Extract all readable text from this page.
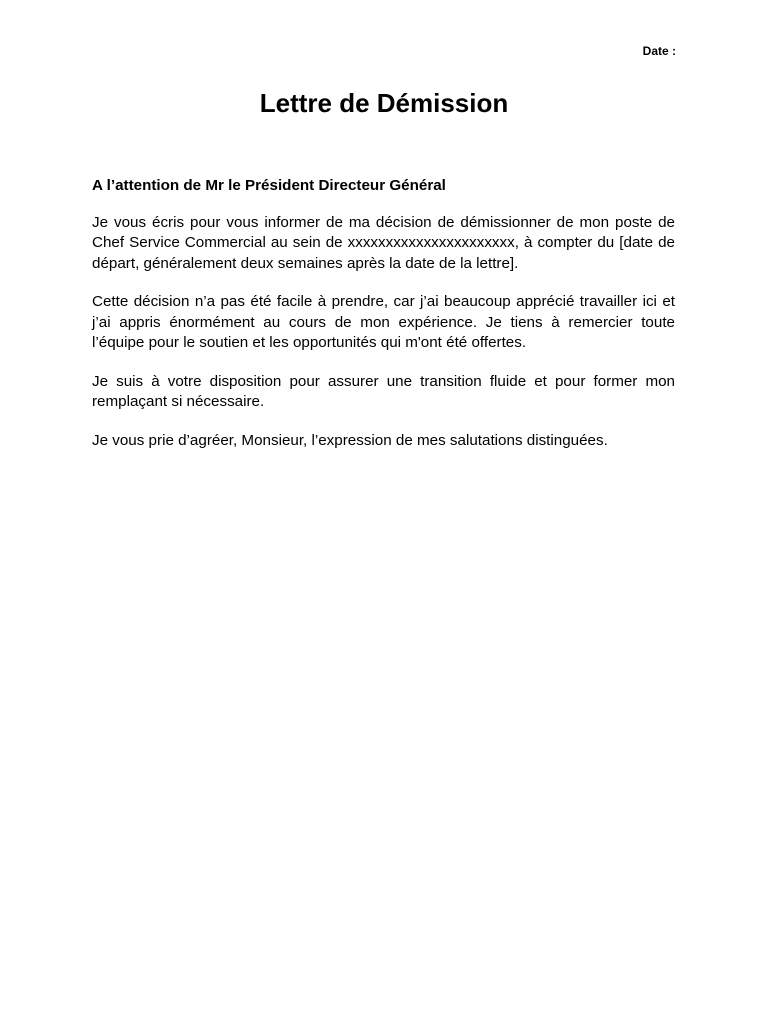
Date :
Lettre de Démission

A l’attention de Mr le Président Directeur Général

Je vous écris pour vous informer de ma décision de démissionner de mon poste de Chef Service Commercial au sein de xxxxxxxxxxxxxxxxxxxxxx, à compter du [date de départ, généralement deux semaines après la date de la lettre].

Cette décision n’a pas été facile à prendre, car j’ai beaucoup apprécié travailler ici et j’ai appris énormément au cours de mon expérience. Je tiens à remercier toute l’équipe pour le soutien et les opportunités qui m'ont été offertes.

Je suis à votre disposition pour assurer une transition fluide et pour former mon remplaçant si nécessaire.

Je vous prie d’agréer, Monsieur, l’expression de mes salutations distinguées.
